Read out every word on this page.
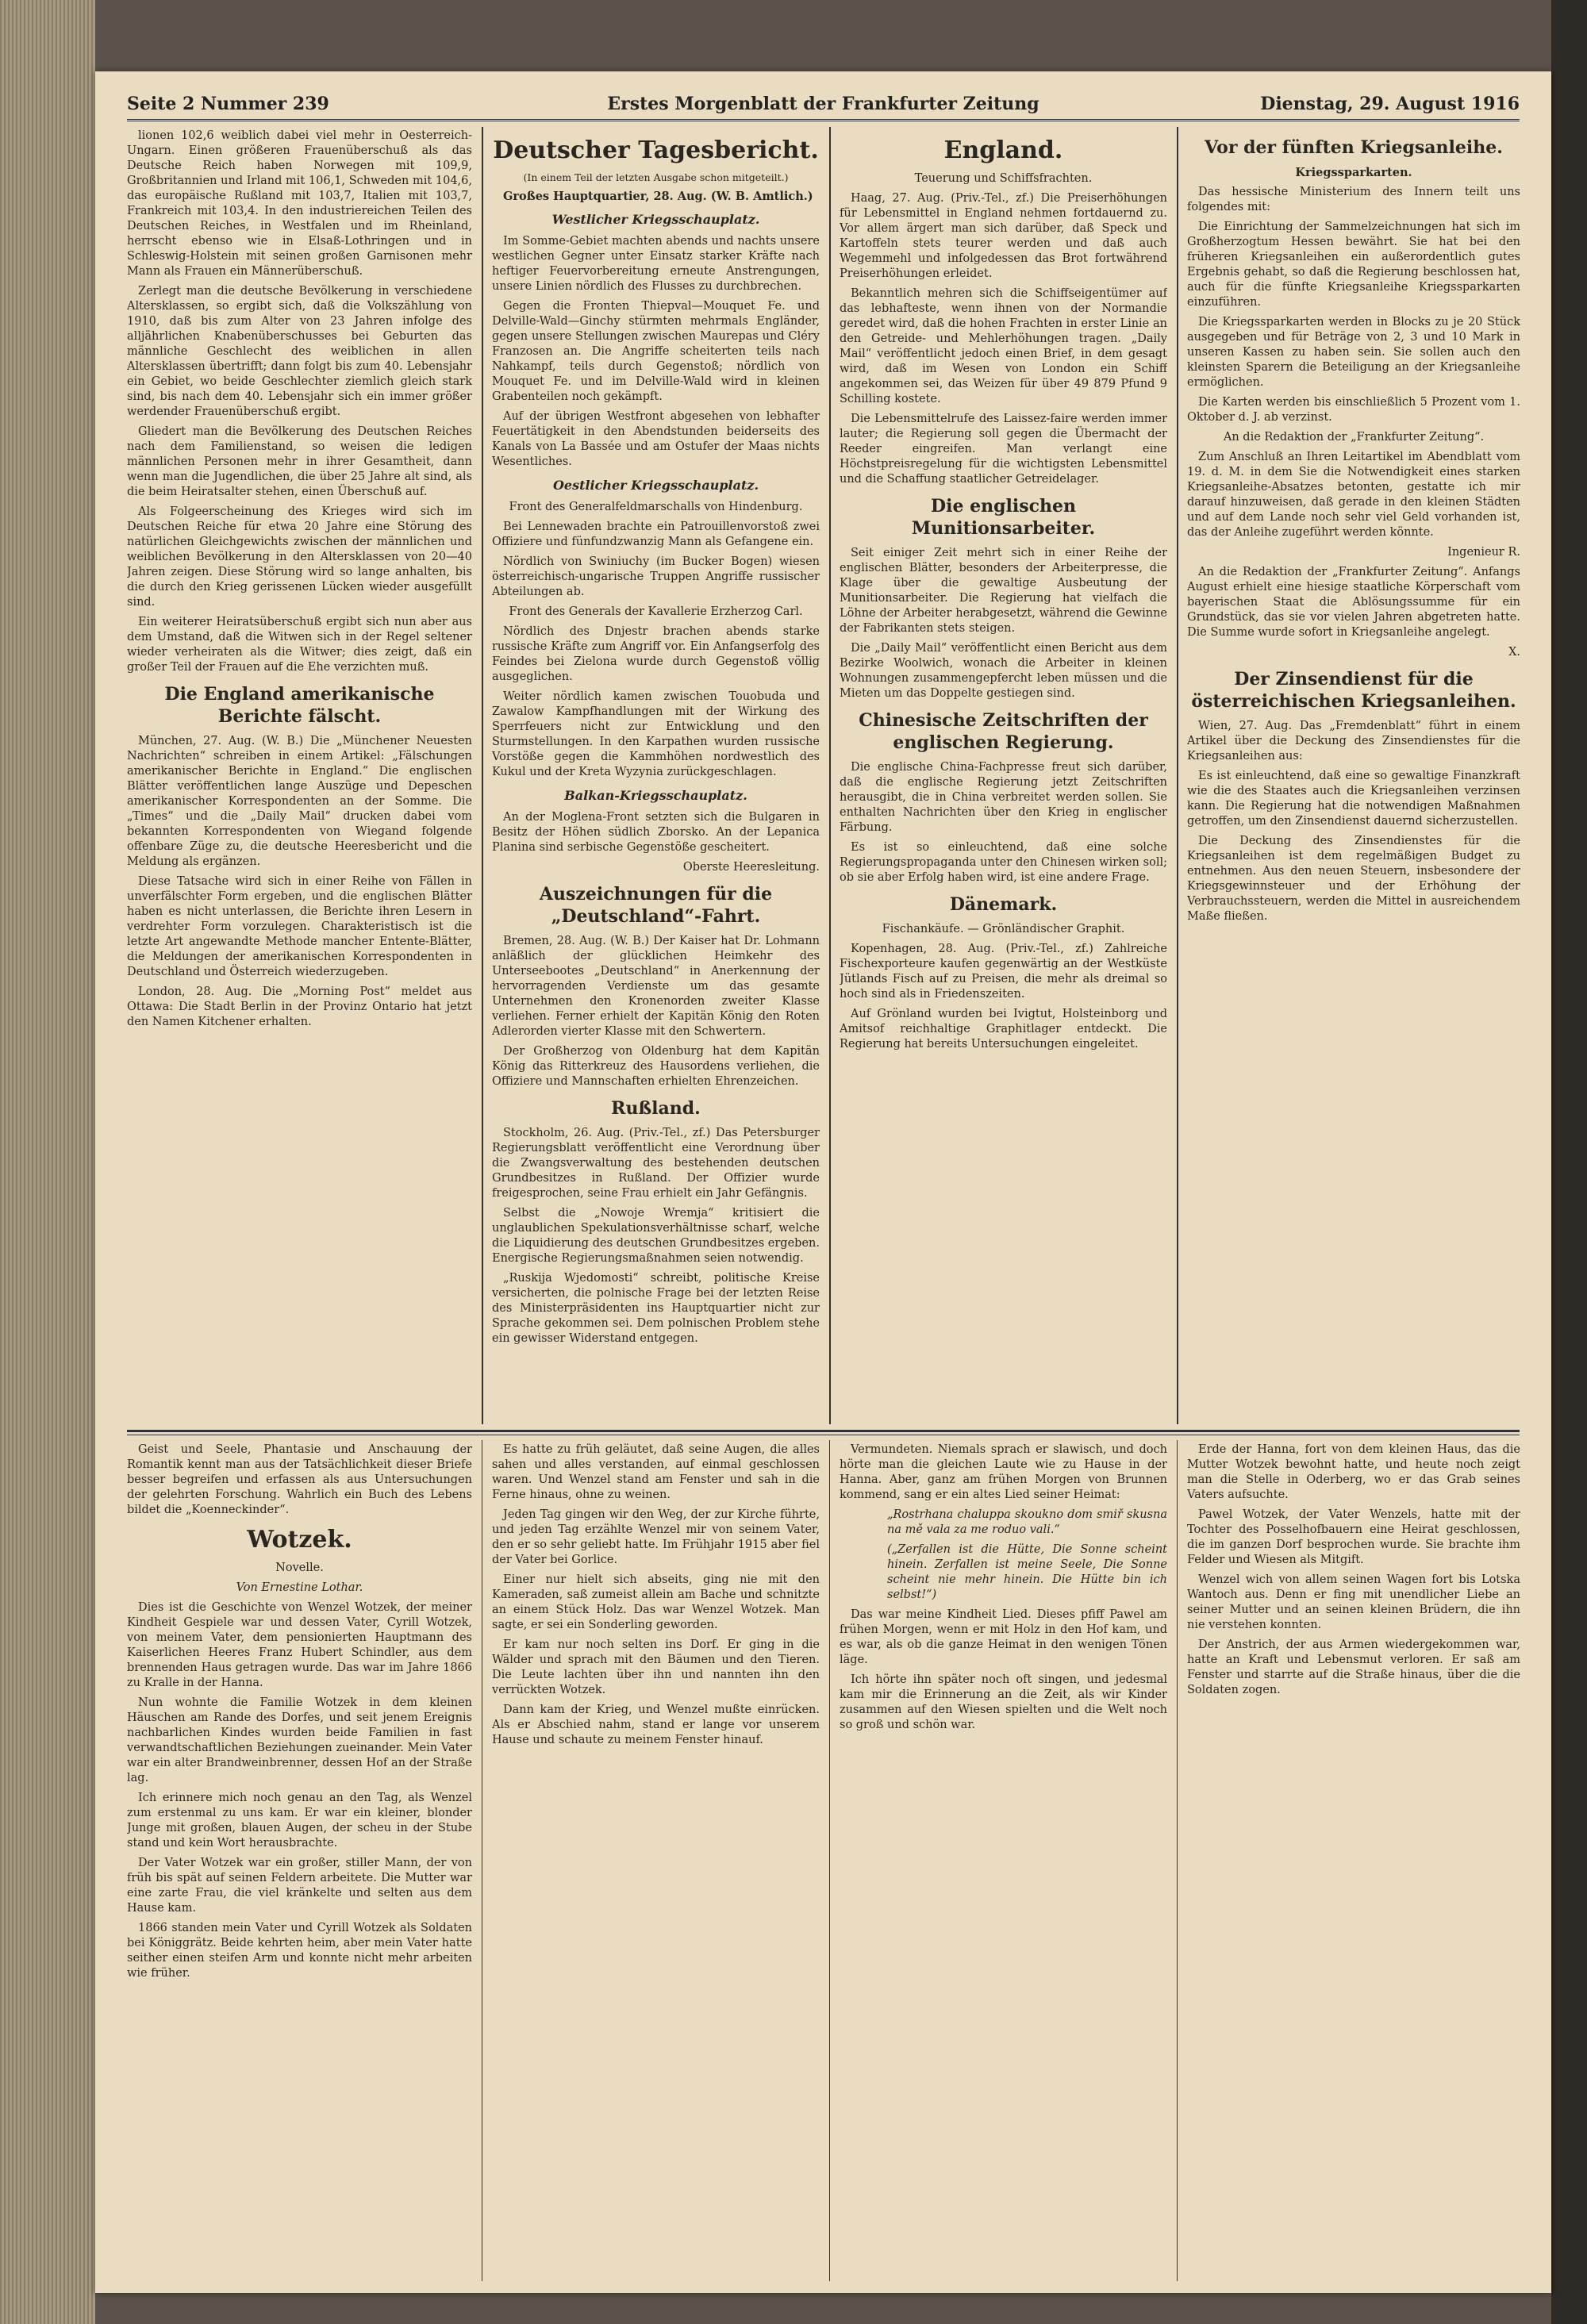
Seite 2 Nummer 239	Erstes Morgenblatt der Frankfurter Zeitung	Dienstag, 29. August 1916

lionen 102,6 weiblich dabei viel mehr in Oesterreich-Ungarn. Einen größeren Frauenüberschuß als das Deutsche Reich haben Norwegen mit 109,9, Großbritannien und Irland mit 106,1, Schweden mit 104,6, das europäische Rußland mit 103,7, Italien mit 103,7, Frankreich mit 103,4. In den industriereichen Teilen des Deutschen Reiches, in Westfalen und im Rheinland, herrscht ebenso wie in Elsaß-Lothringen und in Schleswig-Holstein mit seinen großen Garnisonen mehr Mann als Frauen ein Männerüberschuß.

Zerlegt man die deutsche Bevölkerung in verschiedene Altersklassen, so ergibt sich, daß die Volkszählung von 1910, daß bis zum Alter von 23 Jahren infolge des alljährlichen Knabenüberschusses bei Geburten das männliche Geschlecht des weiblichen in allen Altersklassen übertrifft; dann folgt bis zum 40. Lebensjahr ein Gebiet, wo beide Geschlechter ziemlich gleich stark sind, bis nach dem 40. Lebensjahr sich ein immer größer werdender Frauenüberschuß ergibt.

Gliedert man die Bevölkerung des Deutschen Reiches nach dem Familienstand, so weisen die ledigen männlichen Personen mehr in ihrer Gesamtheit, dann wenn man die Jugendlichen, die über 25 Jahre alt sind, als die beim Heiratsalter stehen, einen Überschuß auf.

Als Folgeerscheinung des Krieges wird sich im Deutschen Reiche für etwa 20 Jahre eine Störung des natürlichen Gleichgewichts zwischen der männlichen und weiblichen Bevölkerung in den Altersklassen von 20—40 Jahren zeigen. Diese Störung wird so lange anhalten, bis die durch den Krieg gerissenen Lücken wieder ausgefüllt sind.

Ein weiterer Heiratsüberschuß ergibt sich nun aber aus dem Umstand, daß die Witwen sich in der Regel seltener wieder verheiraten als die Witwer; dies zeigt, daß ein großer Teil der Frauen auf die Ehe verzichten muß.

Die England amerikanische Berichte fälscht.

München, 27. Aug. (W. B.) Die „Münchener Neuesten Nachrichten“ schreiben in einem Artikel: „Fälschungen amerikanischer Berichte in England.“ Die englischen Blätter veröffentlichen lange Auszüge und Depeschen amerikanischer Korrespondenten an der Somme. Die „Times“ und die „Daily Mail“ drucken dabei vom bekannten Korrespondenten von Wiegand folgende offenbare Züge zu, die deutsche Heeresbericht und die Meldung als ergänzen.

Diese Tatsache wird sich in einer Reihe von Fällen in unverfälschter Form ergeben, und die englischen Blätter haben es nicht unterlassen, die Berichte ihren Lesern in verdrehter Form vorzulegen. Charakteristisch ist die letzte Art angewandte Methode mancher Entente-Blätter, die Meldungen der amerikanischen Korrespondenten in Deutschland und Österreich wiederzugeben.

London, 28. Aug. Die „Morning Post“ meldet aus Ottawa: Die Stadt Berlin in der Provinz Ontario hat jetzt den Namen Kitchener erhalten.

Deutscher Tagesbericht.

(In einem Teil der letzten Ausgabe schon mitgeteilt.)

Großes Hauptquartier, 28. Aug. (W. B. Amtlich.)

Westlicher Kriegsschauplatz.

Im Somme-Gebiet machten abends und nachts unsere westlichen Gegner unter Einsatz starker Kräfte nach heftiger Feuervorbereitung erneute Anstrengungen, unsere Linien nördlich des Flusses zu durchbrechen.

Gegen die Fronten Thiepval—Mouquet Fe. und Delville-Wald—Ginchy stürmten mehrmals Engländer, gegen unsere Stellungen zwischen Maurepas und Cléry Franzosen an. Die Angriffe scheiterten teils nach Nahkampf, teils durch Gegenstoß; nördlich von Mouquet Fe. und im Delville-Wald wird in kleinen Grabenteilen noch gekämpft.

Auf der übrigen Westfront abgesehen von lebhafter Feuertätigkeit in den Abendstunden beiderseits des Kanals von La Bassée und am Ostufer der Maas nichts Wesentliches.

Oestlicher Kriegsschauplatz.

Front des Generalfeldmarschalls von Hindenburg.

Bei Lennewaden brachte ein Patrouillenvorstoß zwei Offiziere und fünfundzwanzig Mann als Gefangene ein.

Nördlich von Swiniuchy (im Bucker Bogen) wiesen österreichisch-ungarische Truppen Angriffe russischer Abteilungen ab.

Front des Generals der Kavallerie Erzherzog Carl.

Nördlich des Dnjestr brachen abends starke russische Kräfte zum Angriff vor. Ein Anfangserfolg des Feindes bei Zielona wurde durch Gegenstoß völlig ausgeglichen.

Weiter nördlich kamen zwischen Touobuda und Zawalow Kampfhandlungen mit der Wirkung des Sperrfeuers nicht zur Entwicklung und den Sturmstellungen. In den Karpathen wurden russische Vorstöße gegen die Kammhöhen nordwestlich des Kukul und der Kreta Wyzynia zurückgeschlagen.

Balkan-Kriegsschauplatz.

An der Moglena-Front setzten sich die Bulgaren in Besitz der Höhen südlich Zborsko. An der Lepanica Planina sind serbische Gegenstöße gescheitert.

Oberste Heeresleitung.

Auszeichnungen für die „Deutschland“-Fahrt.

Bremen, 28. Aug. (W. B.) Der Kaiser hat Dr. Lohmann anläßlich der glücklichen Heimkehr des Unterseebootes „Deutschland“ in Anerkennung der hervorragenden Verdienste um das gesamte Unternehmen den Kronenorden zweiter Klasse verliehen. Ferner erhielt der Kapitän König den Roten Adlerorden vierter Klasse mit den Schwertern.

Der Großherzog von Oldenburg hat dem Kapitän König das Ritterkreuz des Hausordens verliehen, die Offiziere und Mannschaften erhielten Ehrenzeichen.

Rußland.

Stockholm, 26. Aug. (Priv.-Tel., zf.) Das Petersburger Regierungsblatt veröffentlicht eine Verordnung über die Zwangsverwaltung des bestehenden deutschen Grundbesitzes in Rußland. Der Offizier wurde freigesprochen, seine Frau erhielt ein Jahr Gefängnis.

Selbst die „Nowoje Wremja“ kritisiert die unglaublichen Spekulationsverhältnisse scharf, welche die Liquidierung des deutschen Grundbesitzes ergeben. Energische Regierungsmaßnahmen seien notwendig.

„Ruskija Wjedomosti“ schreibt, politische Kreise versicherten, die polnische Frage bei der letzten Reise des Ministerpräsidenten ins Hauptquartier nicht zur Sprache gekommen sei. Dem polnischen Problem stehe ein gewisser Widerstand entgegen.

England.

Teuerung und Schiffsfrachten.

Haag, 27. Aug. (Priv.-Tel., zf.) Die Preiserhöhungen für Lebensmittel in England nehmen fortdauernd zu. Vor allem ärgert man sich darüber, daß Speck und Kartoffeln stets teurer werden und daß auch Wegemmehl und infolgedessen das Brot fortwährend Preiserhöhungen erleidet.

Bekanntlich mehren sich die Schiffseigentümer auf das lebhafteste, wenn ihnen von der Normandie geredet wird, daß die hohen Frachten in erster Linie an den Getreide- und Mehlerhöhungen tragen. „Daily Mail“ veröffentlicht jedoch einen Brief, in dem gesagt wird, daß im Wesen von London ein Schiff angekommen sei, das Weizen für über 49 879 Pfund 9 Schilling kostete.

Die Lebensmittelrufe des Laissez-faire werden immer lauter; die Regierung soll gegen die Übermacht der Reeder eingreifen. Man verlangt eine Höchstpreisregelung für die wichtigsten Lebensmittel und die Schaffung staatlicher Getreidelager.

Die englischen Munitionsarbeiter.

Seit einiger Zeit mehrt sich in einer Reihe der englischen Blätter, besonders der Arbeiterpresse, die Klage über die gewaltige Ausbeutung der Munitionsarbeiter. Die Regierung hat vielfach die Löhne der Arbeiter herabgesetzt, während die Gewinne der Fabrikanten stets steigen.

Die „Daily Mail“ veröffentlicht einen Bericht aus dem Bezirke Woolwich, wonach die Arbeiter in kleinen Wohnungen zusammengepfercht leben müssen und die Mieten um das Doppelte gestiegen sind.

Chinesische Zeitschriften der englischen Regierung.

Die englische China-Fachpresse freut sich darüber, daß die englische Regierung jetzt Zeitschriften herausgibt, die in China verbreitet werden sollen. Sie enthalten Nachrichten über den Krieg in englischer Färbung.

Es ist so einleuchtend, daß eine solche Regierungspropaganda unter den Chinesen wirken soll; ob sie aber Erfolg haben wird, ist eine andere Frage.

Dänemark.

Fischankäufe. — Grönländischer Graphit.

Kopenhagen, 28. Aug. (Priv.-Tel., zf.) Zahlreiche Fischexporteure kaufen gegenwärtig an der Westküste Jütlands Fisch auf zu Preisen, die mehr als dreimal so hoch sind als in Friedenszeiten.

Auf Grönland wurden bei Ivigtut, Holsteinborg und Amitsof reichhaltige Graphitlager entdeckt. Die Regierung hat bereits Untersuchungen eingeleitet.

Vor der fünften Kriegsanleihe.

Kriegssparkarten.

Das hessische Ministerium des Innern teilt uns folgendes mit:

Die Einrichtung der Sammelzeichnungen hat sich im Großherzogtum Hessen bewährt. Sie hat bei den früheren Kriegsanleihen ein außerordentlich gutes Ergebnis gehabt, so daß die Regierung beschlossen hat, auch für die fünfte Kriegsanleihe Kriegssparkarten einzuführen.

Die Kriegssparkarten werden in Blocks zu je 20 Stück ausgegeben und für Beträge von 2, 3 und 10 Mark in unseren Kassen zu haben sein. Sie sollen auch den kleinsten Sparern die Beteiligung an der Kriegsanleihe ermöglichen.

Die Karten werden bis einschließlich 5 Prozent vom 1. Oktober d. J. ab verzinst.

An die Redaktion der „Frankfurter Zeitung“.

Zum Anschluß an Ihren Leitartikel im Abendblatt vom 19. d. M. in dem Sie die Notwendigkeit eines starken Kriegsanleihe-Absatzes betonten, gestatte ich mir darauf hinzuweisen, daß gerade in den kleinen Städten und auf dem Lande noch sehr viel Geld vorhanden ist, das der Anleihe zugeführt werden könnte.

Ingenieur R.

An die Redaktion der „Frankfurter Zeitung“. Anfangs August erhielt eine hiesige staatliche Körperschaft vom bayerischen Staat die Ablösungssumme für ein Grundstück, das sie vor vielen Jahren abgetreten hatte. Die Summe wurde sofort in Kriegsanleihe angelegt.

X.

Der Zinsendienst für die österreichischen Kriegsanleihen.

Wien, 27. Aug. Das „Fremdenblatt“ führt in einem Artikel über die Deckung des Zinsendienstes für die Kriegsanleihen aus:

Es ist einleuchtend, daß eine so gewaltige Finanzkraft wie die des Staates auch die Kriegsanleihen verzinsen kann. Die Regierung hat die notwendigen Maßnahmen getroffen, um den Zinsendienst dauernd sicherzustellen.

Die Deckung des Zinsendienstes für die Kriegsanleihen ist dem regelmäßigen Budget zu entnehmen. Aus den neuen Steuern, insbesondere der Kriegsgewinnsteuer und der Erhöhung der Verbrauchssteuern, werden die Mittel in ausreichendem Maße fließen.

Geist und Seele, Phantasie und Anschauung der Romantik kennt man aus der Tatsächlichkeit dieser Briefe besser begreifen und erfassen als aus Untersuchungen der gelehrten Forschung. Wahrlich ein Buch des Lebens bildet die „Koenneckinder“.

Wotzek.

Novelle.

Von Ernestine Lothar.

Dies ist die Geschichte von Wenzel Wotzek, der meiner Kindheit Gespiele war und dessen Vater, Cyrill Wotzek, von meinem Vater, dem pensionierten Hauptmann des Kaiserlichen Heeres Franz Hubert Schindler, aus dem brennenden Haus getragen wurde. Das war im Jahre 1866 zu Kralle in der Hanna.

Nun wohnte die Familie Wotzek in dem kleinen Häuschen am Rande des Dorfes, und seit jenem Ereignis nachbarlichen Kindes wurden beide Familien in fast verwandtschaftlichen Beziehungen zueinander. Mein Vater war ein alter Brandweinbrenner, dessen Hof an der Straße lag.

Ich erinnere mich noch genau an den Tag, als Wenzel zum erstenmal zu uns kam. Er war ein kleiner, blonder Junge mit großen, blauen Augen, der scheu in der Stube stand und kein Wort herausbrachte.

Der Vater Wotzek war ein großer, stiller Mann, der von früh bis spät auf seinen Feldern arbeitete. Die Mutter war eine zarte Frau, die viel kränkelte und selten aus dem Hause kam.

1866 standen mein Vater und Cyrill Wotzek als Soldaten bei Königgrätz. Beide kehrten heim, aber mein Vater hatte seither einen steifen Arm und konnte nicht mehr arbeiten wie früher.

Es hatte zu früh geläutet, daß seine Augen, die alles sahen und alles verstanden, auf einmal geschlossen waren. Und Wenzel stand am Fenster und sah in die Ferne hinaus, ohne zu weinen.

Jeden Tag gingen wir den Weg, der zur Kirche führte, und jeden Tag erzählte Wenzel mir von seinem Vater, den er so sehr geliebt hatte. Im Frühjahr 1915 aber fiel der Vater bei Gorlice.

Einer nur hielt sich abseits, ging nie mit den Kameraden, saß zumeist allein am Bache und schnitzte an einem Stück Holz. Das war Wenzel Wotzek. Man sagte, er sei ein Sonderling geworden.

Er kam nur noch selten ins Dorf. Er ging in die Wälder und sprach mit den Bäumen und den Tieren. Die Leute lachten über ihn und nannten ihn den verrückten Wotzek.

Dann kam der Krieg, und Wenzel mußte einrücken. Als er Abschied nahm, stand er lange vor unserem Hause und schaute zu meinem Fenster hinauf.

Vermundeten. Niemals sprach er slawisch, und doch hörte man die gleichen Laute wie zu Hause in der Hanna. Aber, ganz am frühen Morgen von Brunnen kommend, sang er ein altes Lied seiner Heimat:

„Rostrhana chaluppa skoukno dom smiř skusna na mě vala za me roduo vali.“

(„Zerfallen ist die Hütte, Die Sonne scheint hinein. Zerfallen ist meine Seele, Die Sonne scheint nie mehr hinein. Die Hütte bin ich selbst!“)

Das war meine Kindheit Lied. Dieses pfiff Pawel am frühen Morgen, wenn er mit Holz in den Hof kam, und es war, als ob die ganze Heimat in den wenigen Tönen läge.

Ich hörte ihn später noch oft singen, und jedesmal kam mir die Erinnerung an die Zeit, als wir Kinder zusammen auf den Wiesen spielten und die Welt noch so groß und schön war.

Erde der Hanna, fort von dem kleinen Haus, das die Mutter Wotzek bewohnt hatte, und heute noch zeigt man die Stelle in Oderberg, wo er das Grab seines Vaters aufsuchte.

Pawel Wotzek, der Vater Wenzels, hatte mit der Tochter des Posselhofbauern eine Heirat geschlossen, die im ganzen Dorf besprochen wurde. Sie brachte ihm Felder und Wiesen als Mitgift.

Wenzel wich von allem seinen Wagen fort bis Lotska Wantoch aus. Denn er fing mit unendlicher Liebe an seiner Mutter und an seinen kleinen Brüdern, die ihn nie verstehen konnten.

Der Anstrich, der aus Armen wiedergekommen war, hatte an Kraft und Lebensmut verloren. Er saß am Fenster und starrte auf die Straße hinaus, über die die Soldaten zogen.
